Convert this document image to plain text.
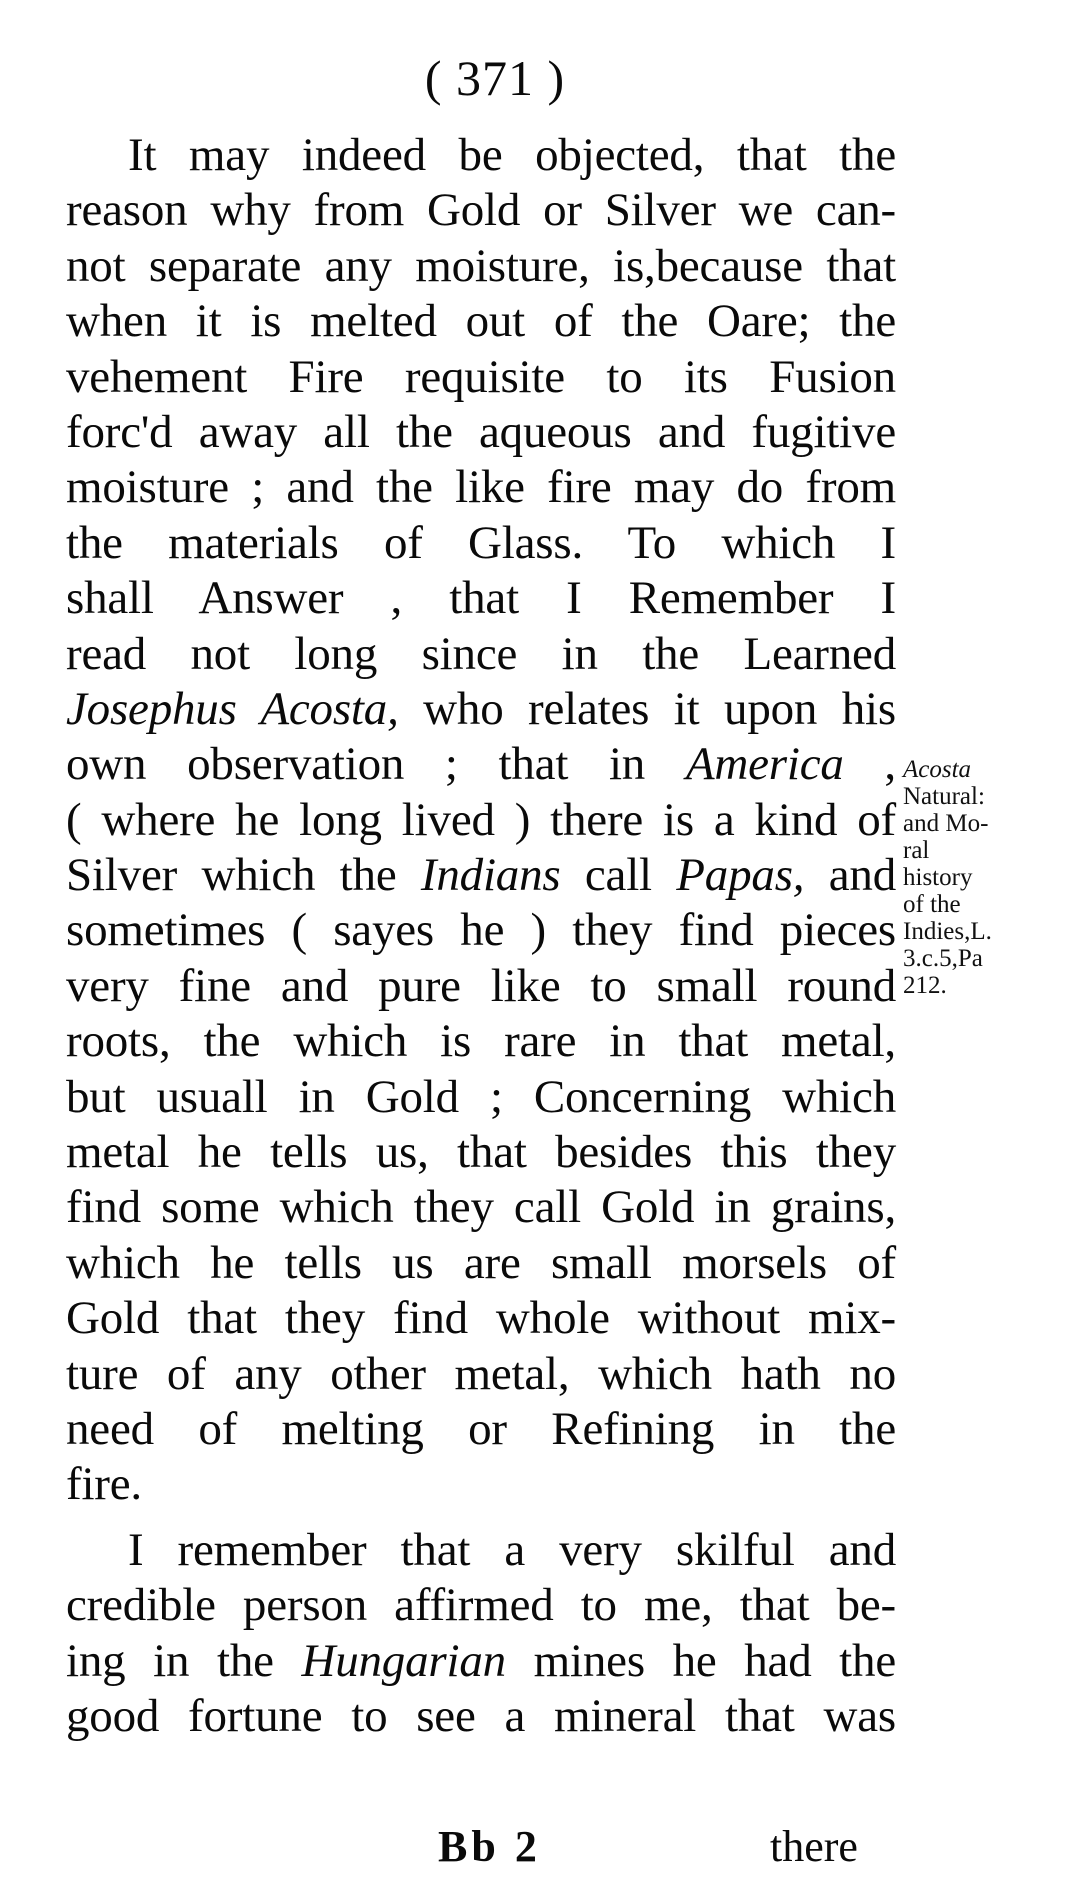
( 371 )
It may indeed be objected, that the
reason why from Gold or Silver we can-
not separate any moisture, is,because that
when it is melted out of the Oare; the
vehement Fire requisite to its Fusion
forc'd away all the aqueous and fugitive
moisture ; and the like fire may do from
the materials of Glass. To which I
shall Answer , that I Remember I
read not long since in the Learned
Josephus Acosta, who relates it upon his
own observation ; that in America ,
( where he long lived ) there is a kind of
Silver which the Indians call Papas, and
sometimes ( sayes he ) they find pieces
very fine and pure like to small round
roots, the which is rare in that metal,
but usuall in Gold ; Concerning which
metal he tells us, that besides this they
find some which they call Gold in grains,
which he tells us are small morsels of
Gold that they find whole without mix-
ture of any other metal, which hath no
need of melting or Refining in the
fire.
I remember that a very skilful and
credible person affirmed to me, that be-
ing in the Hungarian mines he had the
good fortune to see a mineral that was
Acosta
Natural:
and Mo-
ral
history
of the
Indies,L.
3.c.5,Pa
212.
Bb 2	there
